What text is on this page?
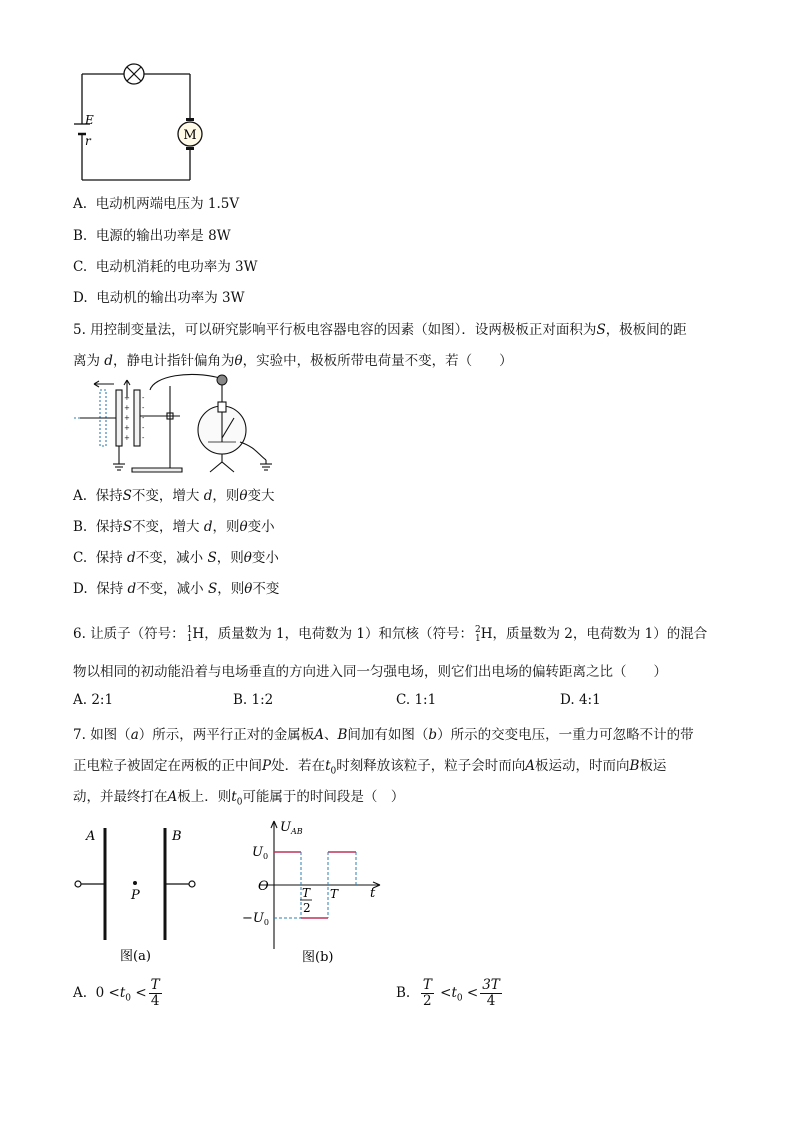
M
E
r
A. 电动机两端电压为 1.5V
B. 电源的输出功率是 8W
C. 电动机消耗的电功率为 3W
D. 电动机的输出功率为 3W
5. 用控制变量法，可以研究影响平行板电容器电容的因素（如图）．设两极板正对面积为S，极板间的距
离为 d，静电计指针偏角为θ，实验中，极板所带电荷量不变，若（　　）
+
+
+
+
+
-
-
-
-
-
A. 保持S不变，增大 d，则θ变大
B. 保持S不变，增大 d，则θ变小
C. 保持 d不变，减小 S，则θ变小
D. 保持 d不变，减小 S，则θ不变
6. 让质子（符号： 1
1 H，质量数为 1，电荷数为 1）和氘核（符号： 2
1 H，质量数为 2，电荷数为 1）的混合
物以相同的初动能沿着与电场垂直的方向进入同一匀强电场，则它们出电场的偏转距离之比（　　）
A. 2:1	B. 1:2	C. 1:1	D. 4:1
7. 如图（a）所示，两平行正对的金属板A、B间加有如图（b）所示的交变电压，一重力可忽略不计的带
正电粒子被固定在两板的正中间P处．若在$t_0$时刻释放该粒子，粒子会时而向A板运动，时而向B板运
动，并最终打在A板上．则$t_0$可能属于的时间段是（　）
A	B
P
图(a)
$U_{AB}$
$U_0$
$-U_0$
O	T
2
T t
图(b)
A. $0 <t_0 < \frac{T}{4}$	B. $\frac{T}{2} <t_0 < \frac{3T}{4}$
